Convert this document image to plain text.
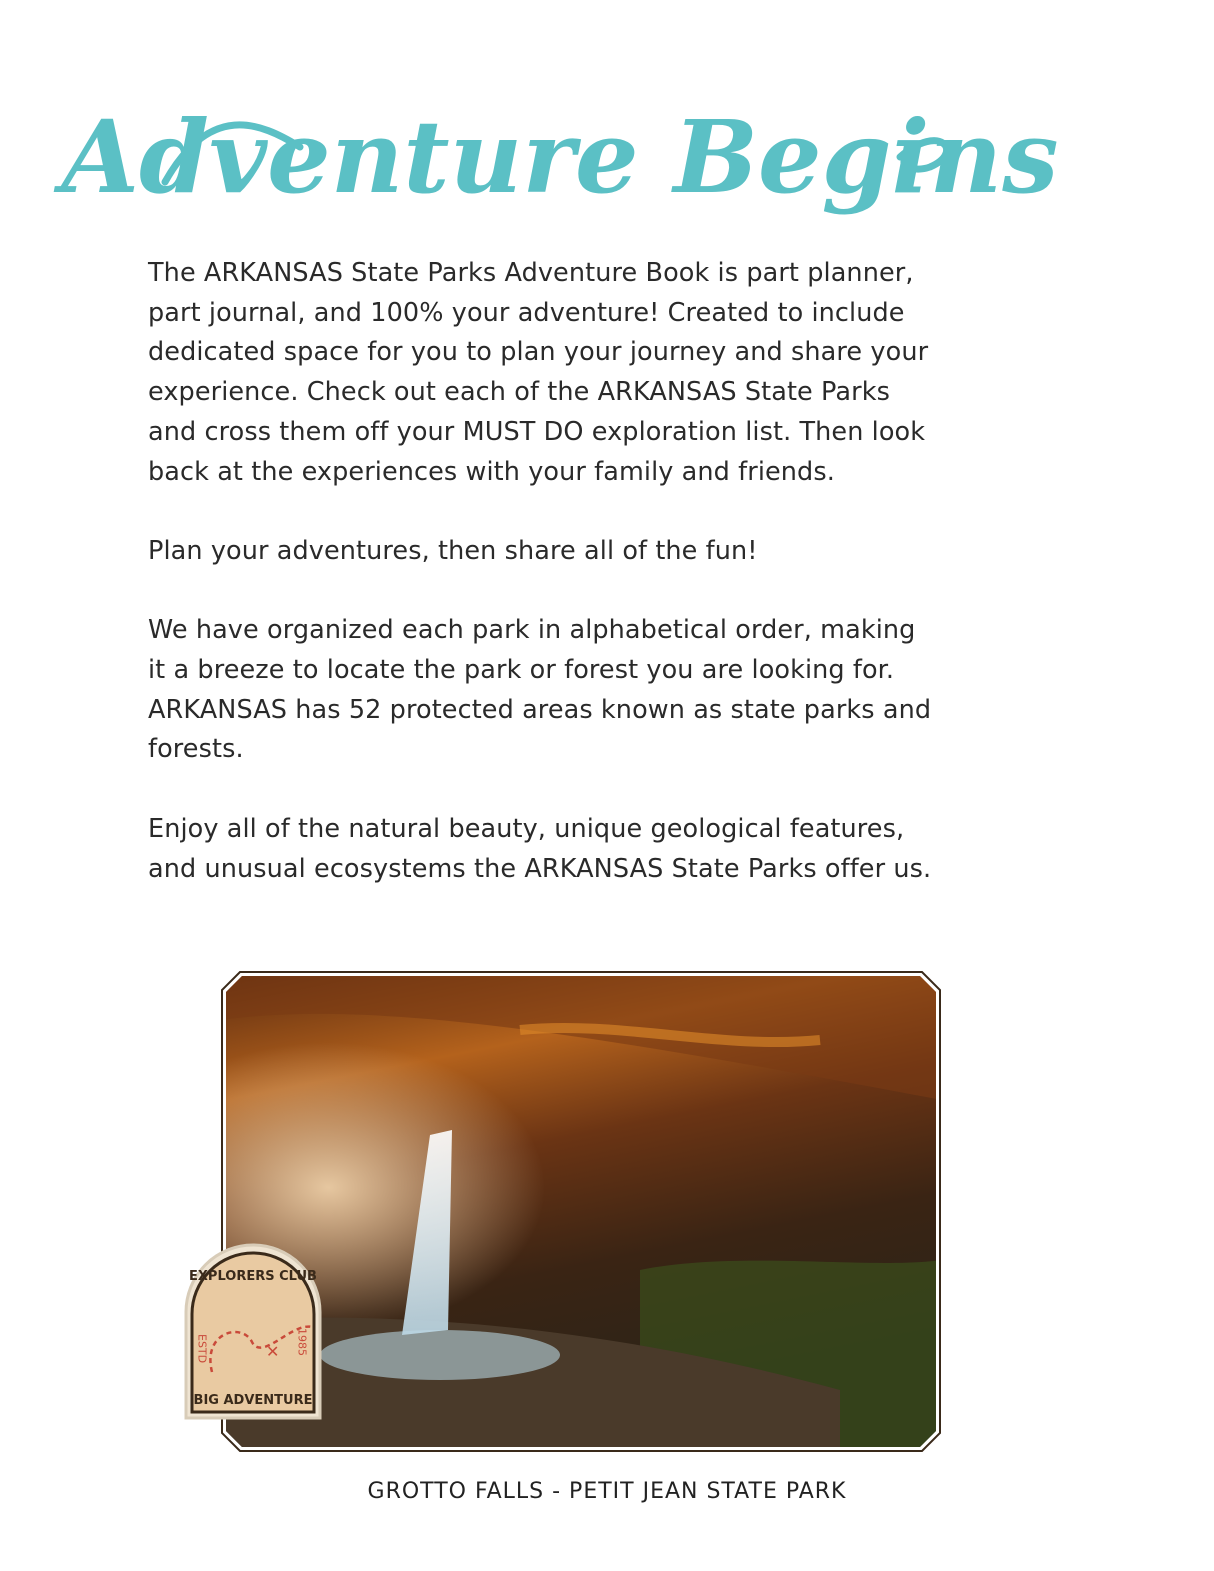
Adventure Begins

The ARKANSAS State Parks Adventure Book is part planner,
part journal, and 100% your adventure! Created to include
dedicated space for you to plan your journey and share your
experience. Check out each of the ARKANSAS State Parks
and cross them off your MUST DO exploration list. Then look
back at the experiences with your family and friends.

Plan your adventures, then share all of the fun!

We have organized each park in alphabetical order, making
it a breeze to locate the park or forest you are looking for.
ARKANSAS has 52 protected areas known as state parks and
forests.

Enjoy all of the natural beauty, unique geological features,
and unusual ecosystems the ARKANSAS State Parks offer us.

✕
EXPLORERS CLUB
ESTD	1985
BIG ADVENTURE
GROTTO FALLS - PETIT JEAN STATE PARK
